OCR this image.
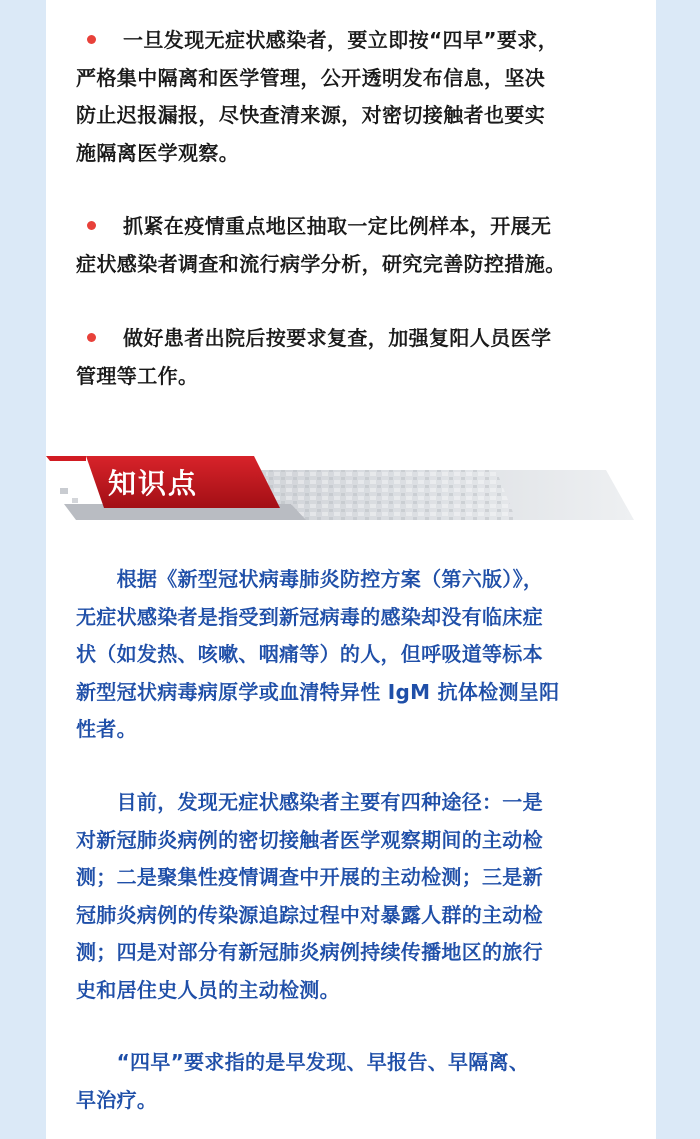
一旦发现无症状感染者，要立即按“四早”要求，
严格集中隔离和医学管理，公开透明发布信息，坚决
防止迟报漏报，尽快查清来源，对密切接触者也要实
施隔离医学观察。
抓紧在疫情重点地区抽取一定比例样本，开展无
症状感染者调查和流行病学分析，研究完善防控措施。
做好患者出院后按要求复查，加强复阳人员医学
管理等工作。
知识点
　　根据《新型冠状病毒肺炎防控方案（第六版）》，
无症状感染者是指受到新冠病毒的感染却没有临床症
状（如发热、咳嗽、咽痛等）的人，但呼吸道等标本
新型冠状病毒病原学或血清特异性 IgM 抗体检测呈阳
性者。
　　目前，发现无症状感染者主要有四种途径：一是
对新冠肺炎病例的密切接触者医学观察期间的主动检
测；二是聚集性疫情调查中开展的主动检测；三是新
冠肺炎病例的传染源追踪过程中对暴露人群的主动检
测；四是对部分有新冠肺炎病例持续传播地区的旅行
史和居住史人员的主动检测。
　　“四早”要求指的是早发现、早报告、早隔离、
早治疗。
